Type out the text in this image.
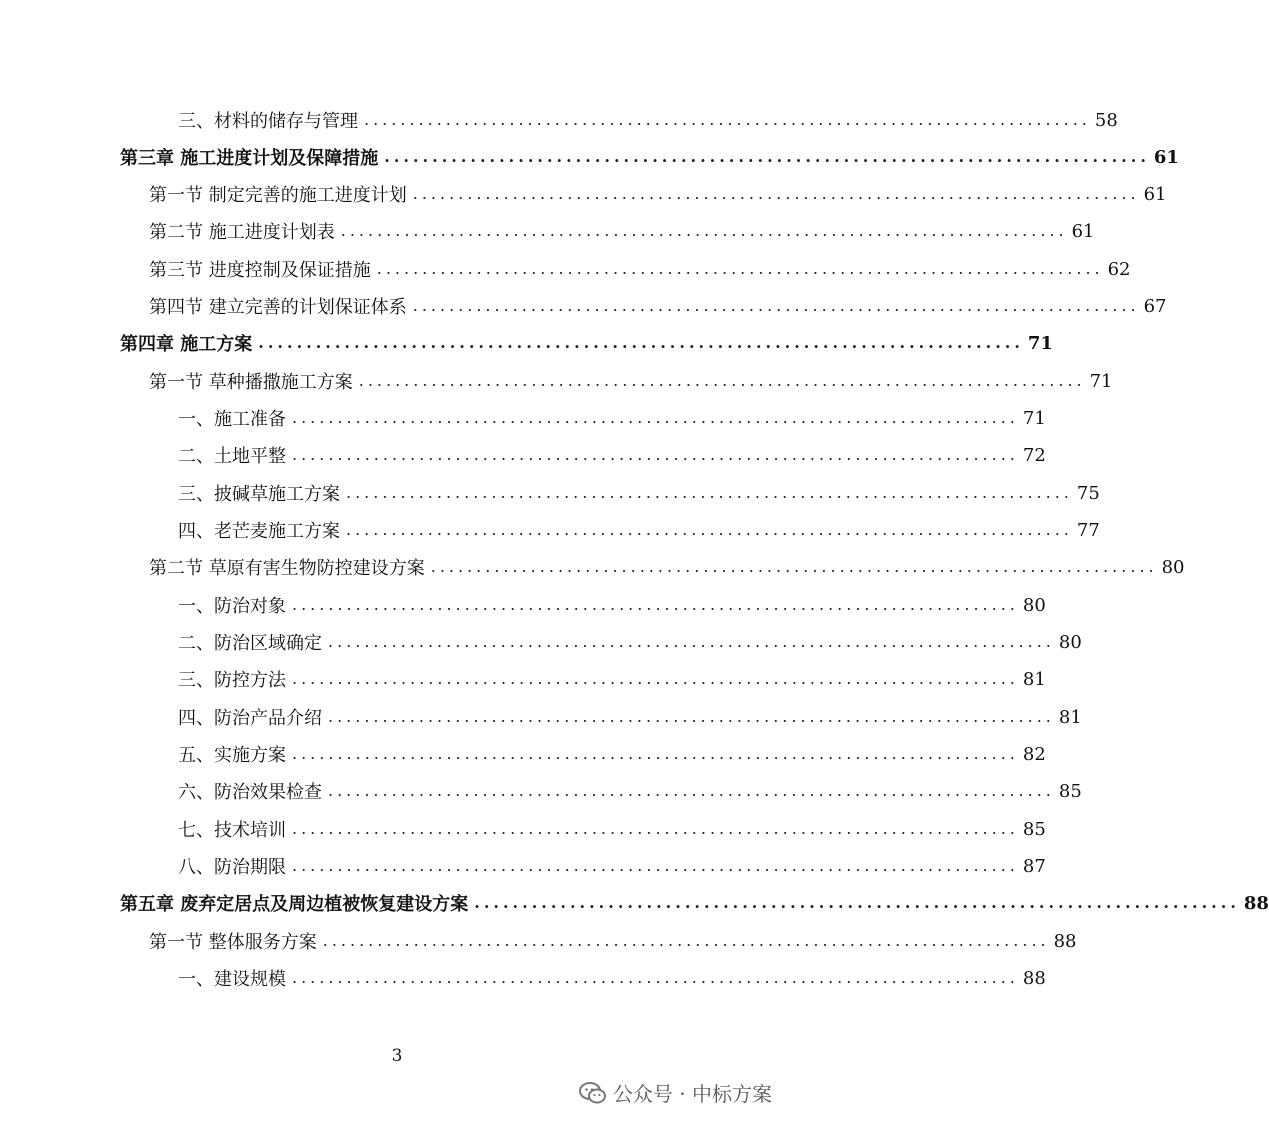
三、材料的储存与管理 ................................................................................ 58
第三章 施工进度计划及保障措施 ................................................................................ 61
第一节 制定完善的施工进度计划 ................................................................................ 61
第二节 施工进度计划表 ................................................................................ 61
第三节 进度控制及保证措施 ................................................................................ 62
第四节 建立完善的计划保证体系 ................................................................................ 67
第四章 施工方案 ................................................................................ 71
第一节 草种播撒施工方案 ................................................................................ 71
一、施工准备 ................................................................................ 71
二、土地平整 ................................................................................ 72
三、披碱草施工方案 ................................................................................ 75
四、老芒麦施工方案 ................................................................................ 77
第二节 草原有害生物防控建设方案 ................................................................................ 80
一、防治对象 ................................................................................ 80
二、防治区域确定 ................................................................................ 80
三、防控方法 ................................................................................ 81
四、防治产品介绍 ................................................................................ 81
五、实施方案 ................................................................................ 82
六、防治效果检查 ................................................................................ 85
七、技术培训 ................................................................................ 85
八、防治期限 ................................................................................ 87
第五章 废弃定居点及周边植被恢复建设方案 ................................................................................ 88
第一节 整体服务方案 ................................................................................ 88
一、建设规模 ................................................................................ 88
3
公众号 · 中标方案
